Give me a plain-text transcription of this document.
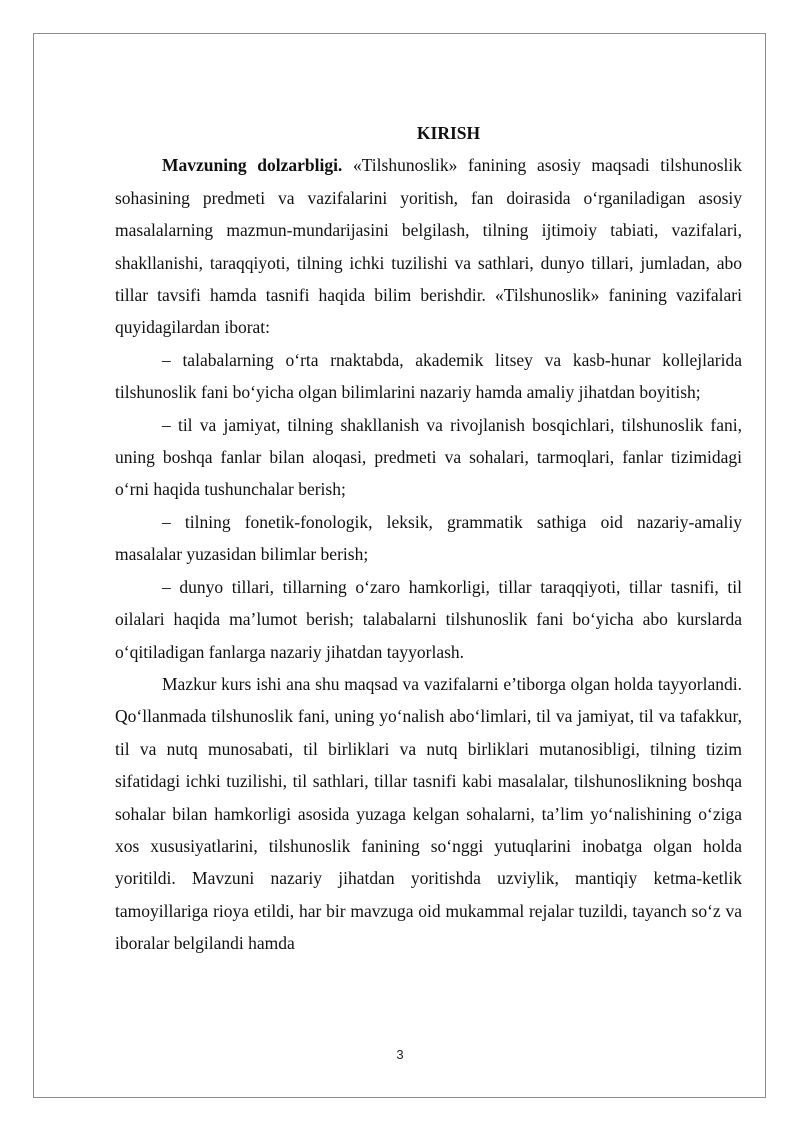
KIRISH

Mavzuning dolzarbligi. «Tilshunoslik» fanining asosiy maqsadi tilshunoslik sohasining predmeti va vazifalarini yoritish, fan doirasida o‘rganiladigan asosiy masalalarning mazmun-mundarijasini belgilash, tilning ijtimoiy tabiati, vazifalari, shakllanishi, taraqqiyoti, tilning ichki tuzilishi va sathlari, dunyo tillari, jumladan, abo tillar tavsifi hamda tasnifi haqida bilim berishdir. «Tilshunoslik» fanining vazifalari quyidagilardan iborat:

– talabalarning o‘rta rnaktabda, akademik litsey va kasb-hunar kollejlarida tilshunoslik fani bo‘yicha olgan bilimlarini nazariy hamda amaliy jihatdan boyitish;

– til va jamiyat, tilning shakllanish va rivojlanish bosqichlari, tilshunoslik fani, uning boshqa fanlar bilan aloqasi, predmeti va sohalari, tarmoqlari, fanlar tizimidagi o‘rni haqida tushunchalar berish;

– tilning fonetik-fonologik, leksik, grammatik sathiga oid nazariy-amaliy masalalar yuzasidan bilimlar berish;

– dunyo tillari, tillarning o‘zaro hamkorligi, tillar taraqqiyoti, tillar tasnifi, til oilalari haqida ma’lumot berish; talabalarni tilshunoslik fani bo‘yicha abo kurslarda o‘qitiladigan fanlarga nazariy jihatdan tayyorlash.

Mazkur kurs ishi ana shu maqsad va vazifalarni e’tiborga olgan holda tayyorlandi. Qo‘llanmada tilshunoslik fani, uning yo‘nalish abo‘limlari, til va jamiyat, til va tafakkur, til va nutq munosabati, til birliklari va nutq birliklari mutanosibligi, tilning tizim sifatidagi ichki tuzilishi, til sathlari, tillar tasnifi kabi masalalar, tilshunoslikning boshqa sohalar bilan hamkorligi asosida yuzaga kelgan sohalarni, ta’lim yo‘nalishining o‘ziga xos xususiyatlarini, tilshunoslik fanining so‘nggi yutuqlarini inobatga olgan holda yoritildi. Mavzuni nazariy jihatdan yoritishda uzviylik, mantiqiy ketma-ketlik tamoyillariga rioya etildi, har bir mavzuga oid mukammal rejalar tuzildi, tayanch so‘z va iboralar belgilandi hamda

3
